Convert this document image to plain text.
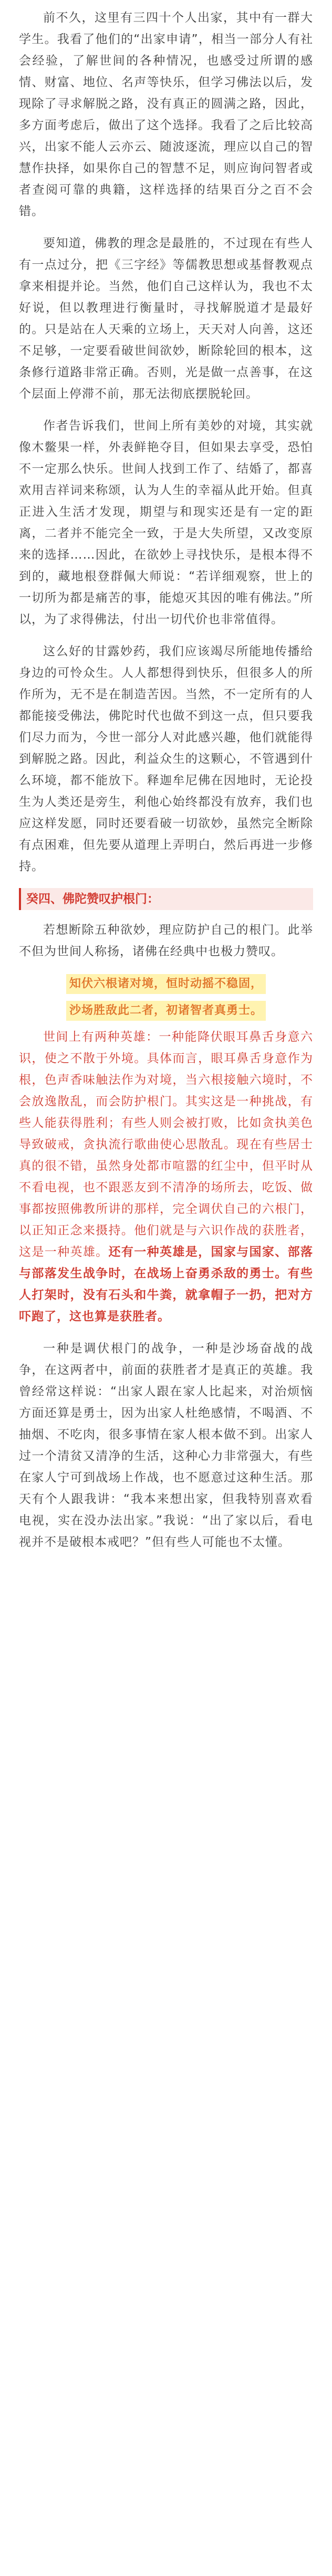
前不久，这里有三四十个人出家，其中有一群大学生。我看了他们的“出家申请”，相当一部分人有社会经验，了解世间的各种情况，也感受过所谓的感情、财富、地位、名声等快乐，但学习佛法以后，发现除了寻求解脱之路，没有真正的圆满之路，因此，多方面考虑后，做出了这个选择。我看了之后比较高兴，出家不能人云亦云、随波逐流，理应以自己的智慧作抉择，如果你自己的智慧不足，则应询问智者或者查阅可靠的典籍，这样选择的结果百分之百不会错。

要知道，佛教的理念是最胜的，不过现在有些人有一点过分，把《三字经》等儒教思想或基督教观点拿来相提并论。当然，他们自己这样认为，我也不太好说，但以教理进行衡量时，寻找解脱道才是最好的。只是站在人天乘的立场上，天天对人向善，这还不足够，一定要看破世间欲妙，断除轮回的根本，这条修行道路非常正确。否则，光是做一点善事，在这个层面上停滞不前，那无法彻底摆脱轮回。

作者告诉我们，世间上所有美妙的对境，其实就像木鳖果一样，外表鲜艳夺目，但如果去享受，恐怕不一定那么快乐。世间人找到工作了、结婚了，都喜欢用吉祥词来称颂，认为人生的幸福从此开始。但真正进入生活才发现，期望与和现实还是有一定的距离，二者并不能完全一致，于是大失所望，又改变原来的选择……因此，在欲妙上寻找快乐，是根本得不到的，藏地根登群佩大师说：“若详细观察，世上的一切所为都是痛苦的事，能熄灭其因的唯有佛法。”所以，为了求得佛法，付出一切代价也非常值得。

这么好的甘露妙药，我们应该竭尽所能地传播给身边的可怜众生。人人都想得到快乐，但很多人的所作所为，无不是在制造苦因。当然，不一定所有的人都能接受佛法，佛陀时代也做不到这一点，但只要我们尽力而为，今世一部分人对此感兴趣，他们就能得到解脱之路。因此，利益众生的这颗心，不管遇到什么环境，都不能放下。释迦牟尼佛在因地时，无论投生为人类还是旁生，利他心始终都没有放弃，我们也应这样发愿，同时还要看破一切欲妙，虽然完全断除有点困难，但先要从道理上弄明白，然后再进一步修持。

癸四、佛陀赞叹护根门：

若想断除五种欲妙，理应防护自己的根门。此举不但为世间人称扬，诸佛在经典中也极力赞叹。

知伏六根诸对境，恒时动摇不稳固，
沙场胜敌此二者，初诸智者真勇士。

世间上有两种英雄：一种能降伏眼耳鼻舌身意六识，使之不散于外境。具体而言，眼耳鼻舌身意作为根，色声香味触法作为对境，当六根接触六境时，不会放逸散乱，而会防护根门。其实这是一种挑战，有些人能获得胜利；有些人则会被打败，比如贪执美色导致破戒，贪执流行歌曲使心思散乱。现在有些居士真的很不错，虽然身处都市喧嚣的红尘中，但平时从不看电视，也不跟恶友到不清净的场所去，吃饭、做事都按照佛教所讲的那样，完全调伏自己的六根门，以正知正念来摄持。他们就是与六识作战的获胜者，这是一种英雄。还有一种英雄是，国家与国家、部落与部落发生战争时，在战场上奋勇杀敌的勇士。有些人打架时，没有石头和牛粪，就拿帽子一扔，把对方吓跑了，这也算是获胜者。

一种是调伏根门的战争，一种是沙场奋战的战争，在这两者中，前面的获胜者才是真正的英雄。我曾经常这样说：“出家人跟在家人比起来，对治烦恼方面还算是勇士，因为出家人杜绝感情，不喝酒、不抽烟、不吃肉，很多事情在家人根本做不到。出家人过一个清贫又清净的生活，这种心力非常强大，有些在家人宁可到战场上作战，也不愿意过这种生活。那天有个人跟我讲：“我本来想出家，但我特别喜欢看电视，实在没办法出家。”我说：“出了家以后，看电视并不是破根本戒吧？”但有些人可能也不太懂。
